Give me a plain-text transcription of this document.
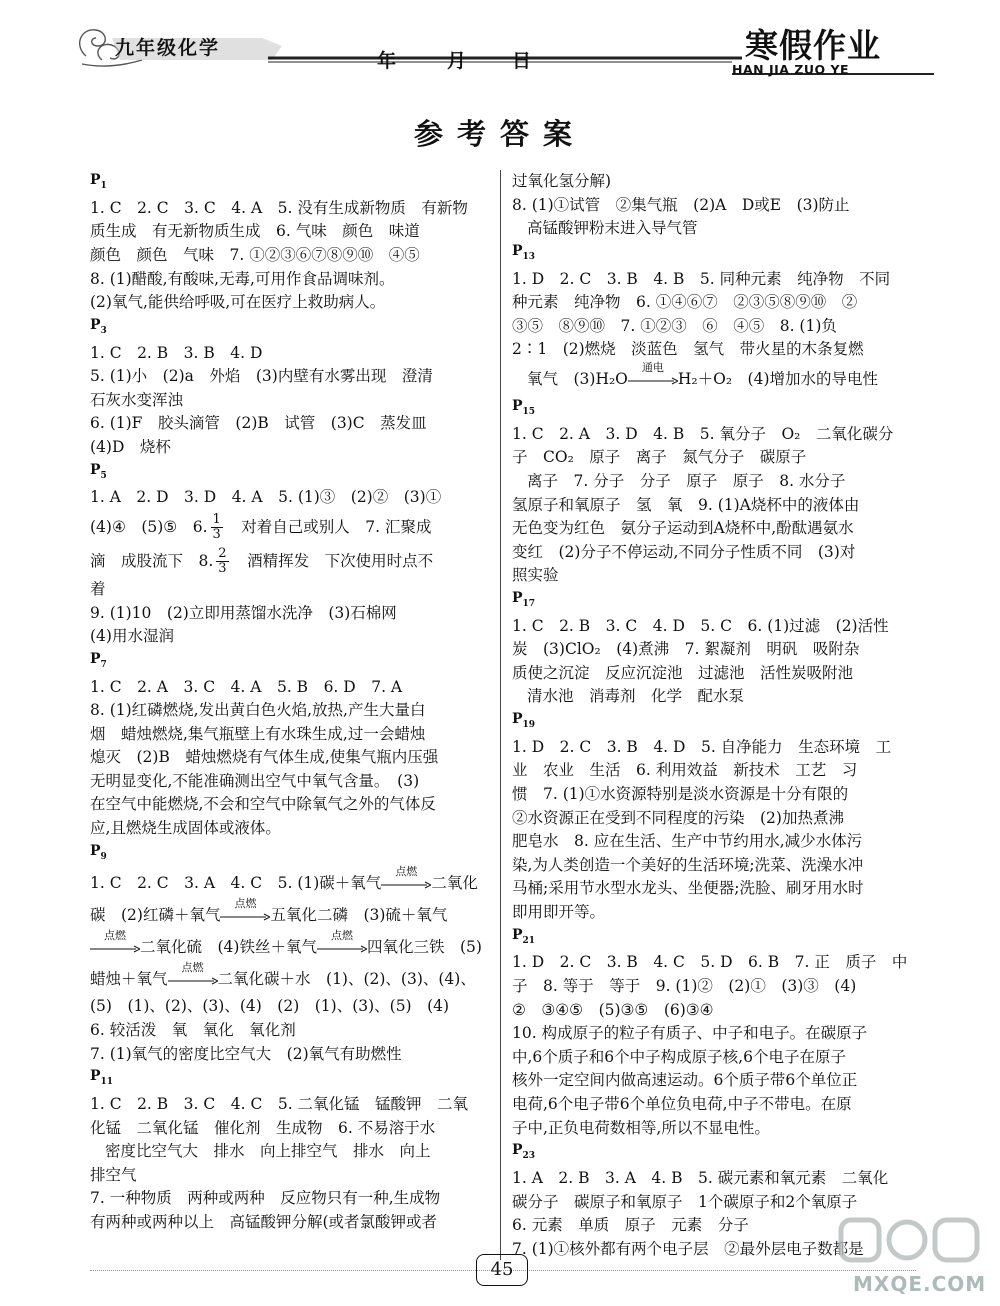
九年级化学
年	月 日	寒假作业
HAN JIA ZUO YE
参考答案
$P_1$
1. C　2. C　3. C　4. A　5. 没有生成新物质　有新物
质生成　有无新物质生成　6. 气味　颜色　味道
颜色　颜色　气味　7. ①②③⑥⑦⑧⑨⑩　④⑤
8. (1)醋酸,有酸味,无毒,可用作食品调味剂。
(2)氧气,能供给呼吸,可在医疗上救助病人。
$P_3$
1. C　2. B　3. B　4. D
5. (1)小　(2)a　外焰　(3)内壁有水雾出现　澄清
石灰水变浑浊
6. (1)F　胶头滴管　(2)B　试管　(3)C　蒸发皿
(4)D　烧杯
$P_5$
1. A　2. D　3. D　4. A　5. (1)③　(2)②　(3)①
(4)④　(5)⑤　6. $\frac{1}{3}$ 　对着自己或别人　7. 汇聚成
滴　成股流下　8. $\frac{2}{3}$ 　酒精挥发　下次使用时点不
着
9. (1)10　(2)立即用蒸馏水洗净　(3)石棉网
(4)用水湿润
$P_7$
1. C　2. A　3. C　4. A　5. B　6. D　7. A
8. (1)红磷燃烧,发出黄白色火焰,放热,产生大量白
烟　蜡烛燃烧,集气瓶壁上有水珠生成,过一会蜡烛
熄灭　(2)B　蜡烛燃烧有气体生成,使集气瓶内压强
无明显变化,不能准确测出空气中氧气含量。　(3)
在空气中能燃烧,不会和空气中除氧气之外的气体反
应,且燃烧生成固体或液体。
$P_9$
1. C　2. C　3. A　4. C　5. (1)碳＋氧气
点燃
二氧化
碳　(2)红磷＋氧气
点燃
五氧化二磷　(3)硫＋氧气
点燃
二氧化硫　(4)铁丝＋氧气
点燃
四氧化三铁　(5)
蜡烛＋氧气
点燃
二氧化碳＋水　(1)、(2)、(3)、(4)、
(5)　(1)、(2)、(3)、(4)　(2)　(1)、(3)、(5)　(4)
6. 较活泼　氧　氧化　氧化剂
7. (1)氧气的密度比空气大　(2)氧气有助燃性
$P_{11}$
1. C　2. B　3. C　4. C　5. 二氧化锰　锰酸钾　二氧
化锰　二氧化锰　催化剂　生成物　6. 不易溶于水
密度比空气大　排水　向上排空气　排水　向上
排空气
7. 一种物质　两种或两种　反应物只有一种,生成物
有两种或两种以上　高锰酸钾分解(或者氯酸钾或者
过氧化氢分解)
8. (1)①试管　②集气瓶　(2)A　D或E　(3)防止
高锰酸钾粉末进入导气管
$P_{13}$
1. D　2. C　3. B　4. B　5. 同种元素　纯净物　不同
种元素　纯净物　6. ①④⑥⑦　②③⑤⑧⑨⑩　②
③⑤　⑧⑨⑩　7. ①②③　⑥　④⑤　8. (1)负
2∶1　(2)燃烧　淡蓝色　氢气　带火星的木条复燃
氧气　(3)H₂O
通电
H₂＋O₂　(4)增加水的导电性
$P_{15}$
1. C　2. A　3. D　4. B　5. 氧分子　O₂　二氧化碳分
子　CO₂　原子　离子　氮气分子　碳原子
离子　7. 分子　分子　原子　原子　8. 水分子
氢原子和氧原子　氢　氧　9. (1)A烧杯中的液体由
无色变为红色　氨分子运动到A烧杯中,酚酞遇氨水
变红　(2)分子不停运动,不同分子性质不同　(3)对
照实验
$P_{17}$
1. C　2. B　3. C　4. D　5. C　6. (1)过滤　(2)活性
炭　(3)ClO₂　(4)煮沸　7. 絮凝剂　明矾　吸附杂
质使之沉淀　反应沉淀池　过滤池　活性炭吸附池
清水池　消毒剂　化学　配水泵
$P_{19}$
1. D　2. C　3. B　4. D　5. 自净能力　生态环境　工
业　农业　生活　6. 利用效益　新技术　工艺　习
惯　7. (1)①水资源特别是淡水资源是十分有限的
②水资源正在受到不同程度的污染　(2)加热煮沸
肥皂水　8. 应在生活、生产中节约用水,减少水体污
染,为人类创造一个美好的生活环境;洗菜、洗澡水冲
马桶;采用节水型水龙头、坐便器;洗脸、刷牙用水时
即用即开等。
$P_{21}$
1. D　2. C　3. B　4. C　5. D　6. B　7. 正　质子　中
子　8. 等于　等于　9. (1)②　(2)①　(3)③　(4)
②　③④⑤　(5)③⑤　(6)③④
10. 构成原子的粒子有质子、中子和电子。在碳原子
中,6个质子和6个中子构成原子核,6个电子在原子
核外一定空间内做高速运动。6个质子带6个单位正
电荷,6个电子带6个单位负电荷,中子不带电。在原
子中,正负电荷数相等,所以不显电性。
$P_{23}$
1. A　2. B　3. A　4. B　5. 碳元素和氧元素　二氧化
碳分子　碳原子和氧原子　1个碳原子和2个氧原子
6. 元素　单质　原子　元素　分子
7. (1)①核外都有两个电子层　②最外层电子数都是
45
MXQE.COM
